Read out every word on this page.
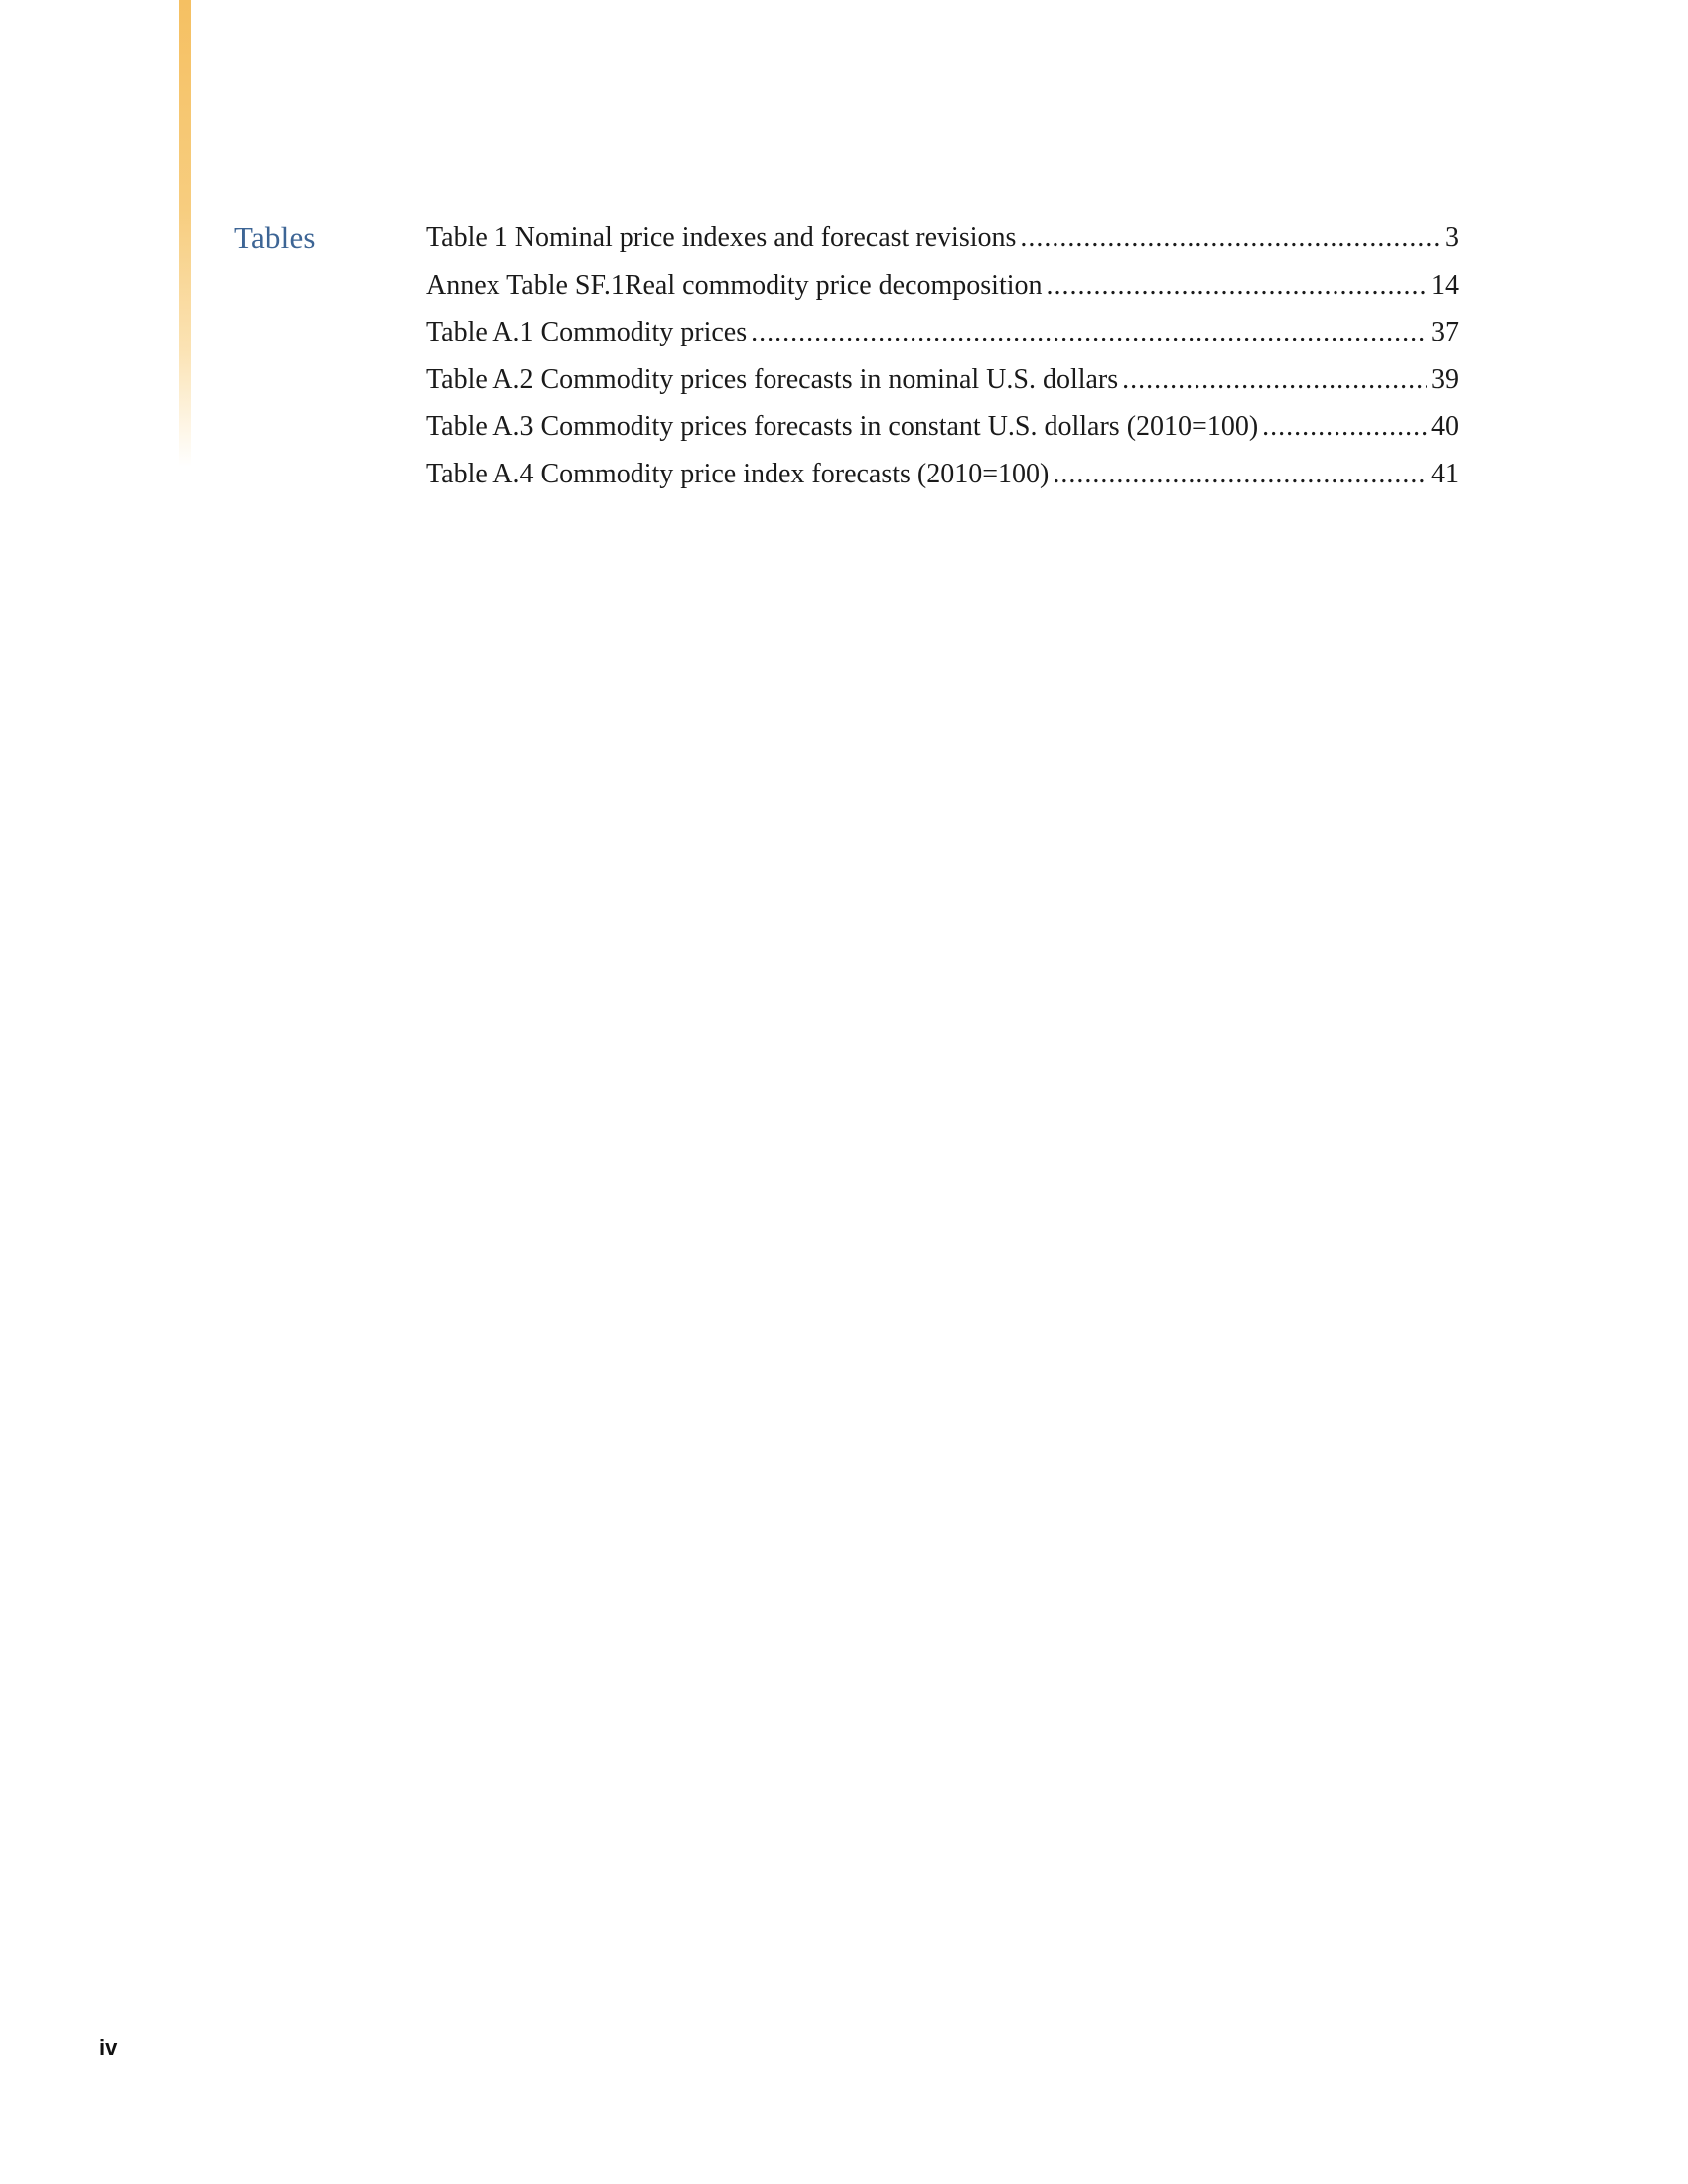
Tables	Table 1 Nominal price indexes and forecast revisions .....	3
Annex Table SF.1Real commodity price decomposition .....	14
Table A.1 Commodity prices .....	37
Table A.2 Commodity prices forecasts in nominal U.S. dollars .....	39
Table A.3 Commodity prices forecasts in constant U.S. dollars (2010=100) .....	40
Table A.4 Commodity price index forecasts (2010=100) .....	41
iv
